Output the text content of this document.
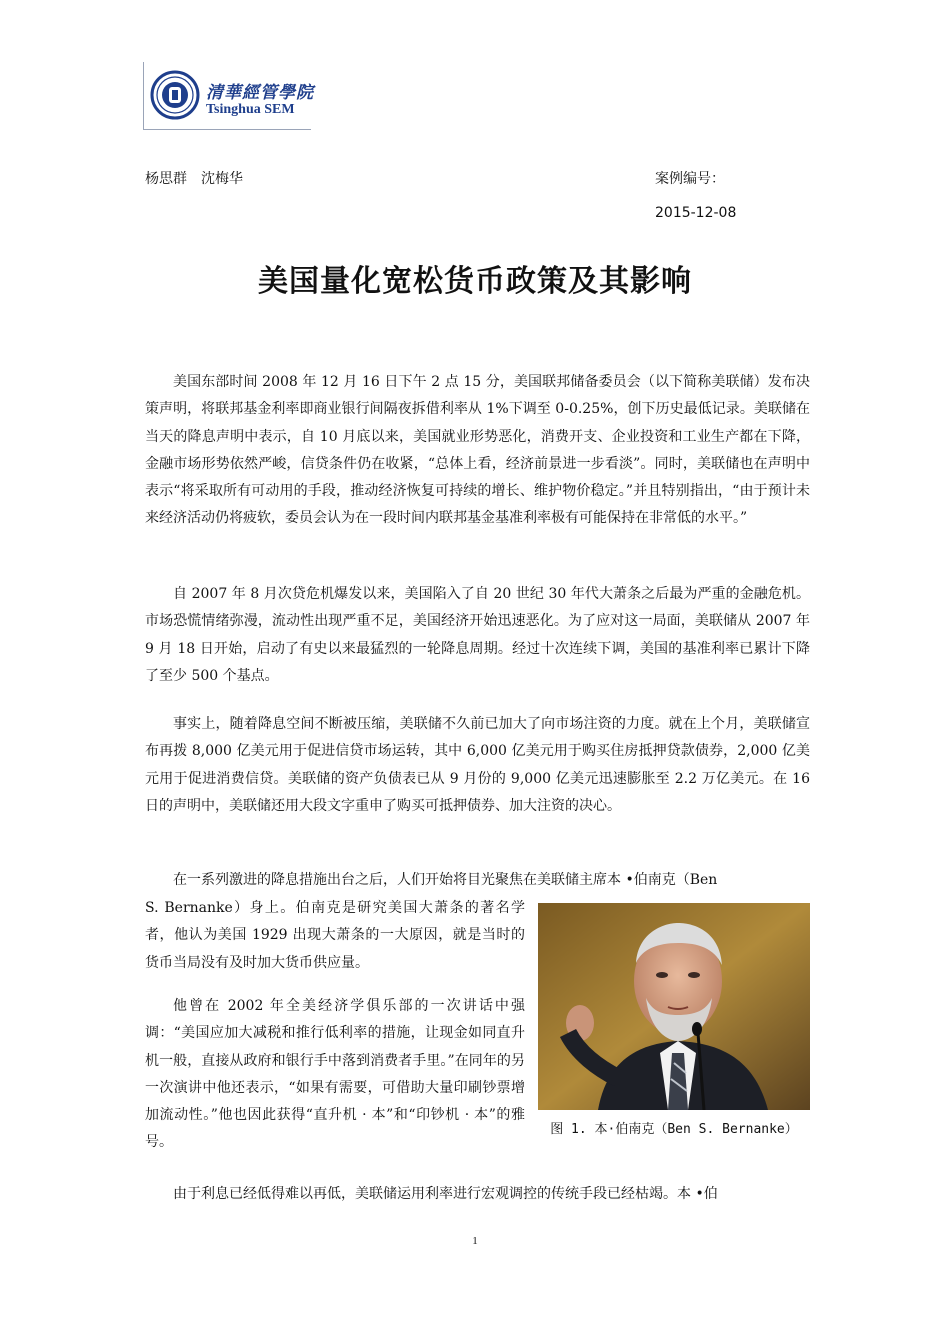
清華經管學院
Tsinghua SEM
杨思群　沈梅华	案例编号：
2015-12-08
美国量化宽松货币政策及其影响

美国东部时间 2008 年 12 月 16 日下午 2 点 15 分，美国联邦储备委员会（以下简称美联储）发布决策声明，将联邦基金利率即商业银行间隔夜拆借利率从 1%下调至 0-0.25%，创下历史最低记录。美联储在当天的降息声明中表示，自 10 月底以来，美国就业形势恶化，消费开支、企业投资和工业生产都在下降，金融市场形势依然严峻，信贷条件仍在收紧，“总体上看，经济前景进一步看淡”。同时，美联储也在声明中表示“将采取所有可动用的手段，推动经济恢复可持续的增长、维护物价稳定。”并且特别指出，“由于预计未来经济活动仍将疲软，委员会认为在一段时间内联邦基金基准利率极有可能保持在非常低的水平。”

自 2007 年 8 月次贷危机爆发以来，美国陷入了自 20 世纪 30 年代大萧条之后最为严重的金融危机。市场恐慌情绪弥漫，流动性出现严重不足，美国经济开始迅速恶化。为了应对这一局面，美联储从 2007 年 9 月 18 日开始，启动了有史以来最猛烈的一轮降息周期。经过十次连续下调，美国的基准利率已累计下降了至少 500 个基点。

事实上，随着降息空间不断被压缩，美联储不久前已加大了向市场注资的力度。就在上个月，美联储宣布再拨 8,000 亿美元用于促进信贷市场运转，其中 6,000 亿美元用于购买住房抵押贷款债券，2,000 亿美元用于促进消费信贷。美联储的资产负债表已从 9 月份的 9,000 亿美元迅速膨胀至 2.2 万亿美元。在 16 日的声明中，美联储还用大段文字重申了购买可抵押债券、加大注资的决心。

在一系列激进的降息措施出台之后，人们开始将目光聚焦在美联储主席本 •伯南克（Ben

S. Bernanke）身上。伯南克是研究美国大萧条的著名学者，他认为美国 1929 出现大萧条的一大原因，就是当时的货币当局没有及时加大货币供应量。

他曾在 2002 年全美经济学俱乐部的一次讲话中强调：“美国应加大减税和推行低利率的措施，让现金如同直升机一般，直接从政府和银行手中落到消费者手里。”在同年的另一次演讲中他还表示，“如果有需要，可借助大量印刷钞票增加流动性。”他也因此获得“直升机 · 本”和“印钞机 · 本”的雅号。

图 1. 本·伯南克（Ben S. Bernanke）

由于利息已经低得难以再低，美联储运用利率进行宏观调控的传统手段已经枯竭。本 •伯

1
